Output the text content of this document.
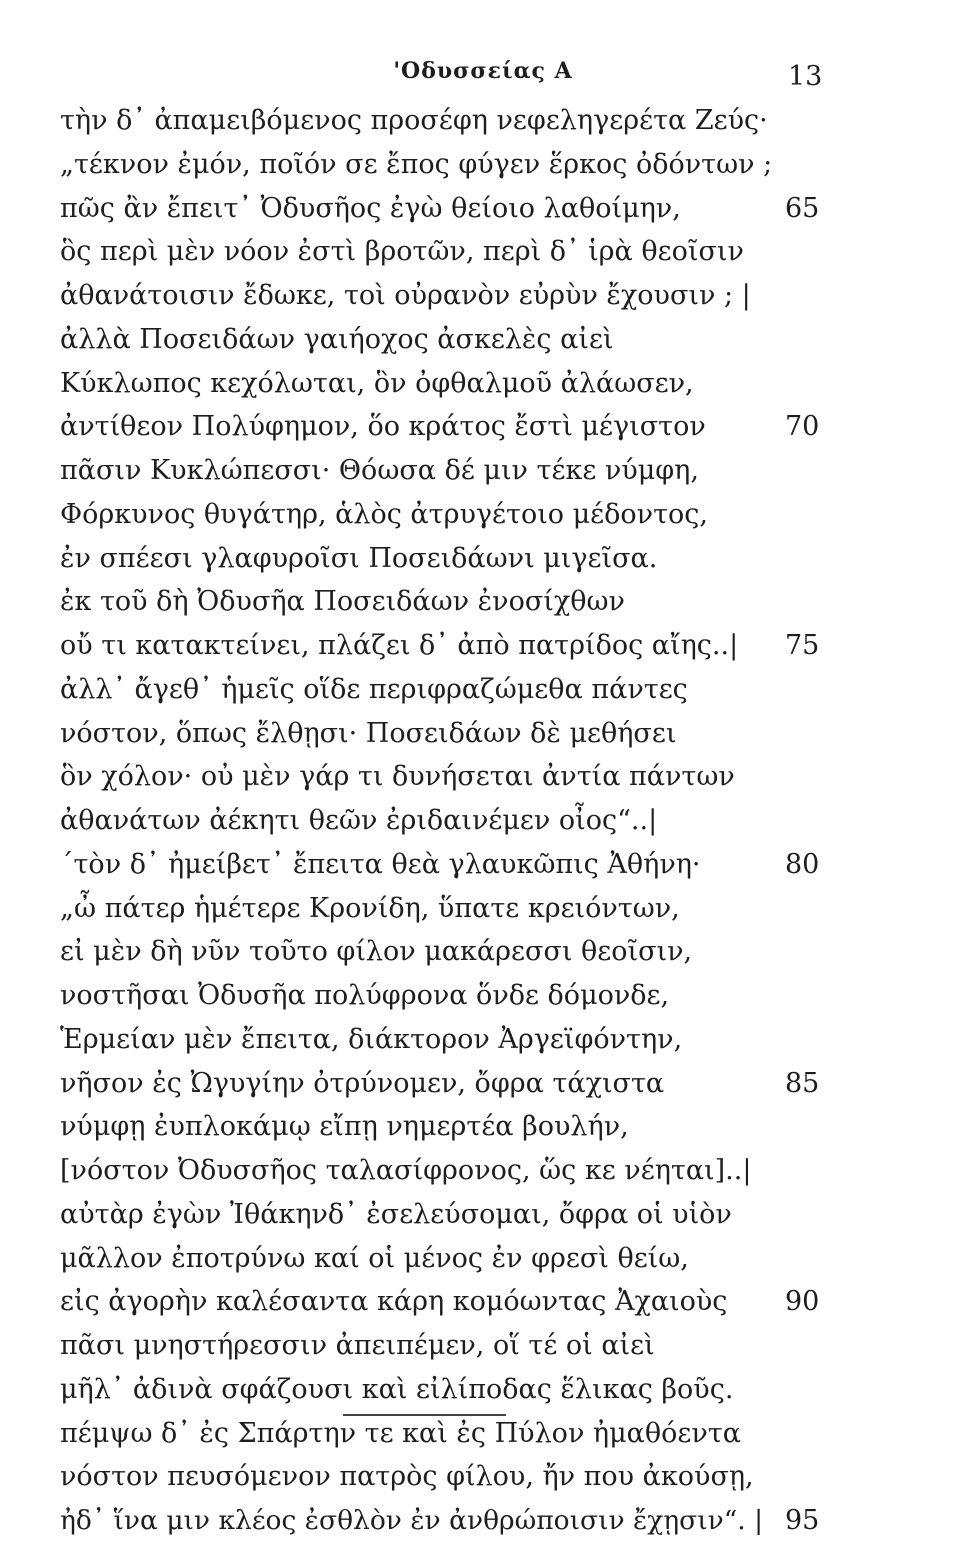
'Οδυσσείας Α	13
τὴν δ᾽ ἀπαμειβόμενος προσέφη νεφεληγερέτα Ζεύς·
„τέκνον ἐμόν, ποῖόν σε ἔπος φύγεν ἕρκος ὀδόντων ;
πῶς ἂν ἔπειτ᾽ Ὀδυσῆος ἐγὼ θείοιο λαθοίμην,	65
ὃς περὶ μὲν νόον ἐστὶ βροτῶν, περὶ δ᾽ ἱρὰ θεοῖσιν
ἀθανάτοισιν ἔδωκε, τοὶ οὐρανὸν εὐρὺν ἔχουσιν ; |
ἀλλὰ Ποσειδάων γαιήοχος ἀσκελὲς αἰεὶ
Κύκλωπος κεχόλωται, ὃν ὀφθαλμοῦ ἀλάωσεν,
ἀντίθεον Πολύφημον, ὅο κράτος ἔστὶ μέγιστον	70
πᾶσιν Κυκλώπεσσι· Θόωσα δέ μιν τέκε νύμφη,
Φόρκυνος θυγάτηρ, ἁλὸς ἀτρυγέτοιο μέδοντος,
ἐν σπέεσι γλαφυροῖσι Ποσειδάωνι μιγεῖσα.
ἐκ τοῦ δὴ Ὀδυσῆα Ποσειδάων ἐνοσίχθων
οὔ τι κατακτείνει, πλάζει δ᾽ ἀπὸ πατρίδος αἴης..| 75
ἀλλ᾽ ἄγεθ᾽ ἡμεῖς οἵδε περιφραζώμεθα πάντες
νόστον, ὅπως ἔλθῃσι· Ποσειδάων δὲ μεθήσει
ὃν χόλον· οὐ μὲν γάρ τι δυνήσεται ἀντία πάντων
ἀθανάτων ἀέκητι θεῶν ἐριδαινέμεν οἶος“..|
΄τὸν δ᾽ ἠμείβετ᾽ ἔπειτα θεὰ γλαυκῶπις Ἀθήνη·	80
„ὦ πάτερ ἡμέτερε Κρονίδη, ὕπατε κρειόντων,
εἰ μὲν δὴ νῦν τοῦτο φίλον μακάρεσσι θεοῖσιν,
νοστῆσαι Ὀδυσῆα πολύφρονα ὅνδε δόμονδε,
Ἑρμείαν μὲν ἔπειτα, διάκτορον Ἀργεϊφόντην,
νῆσον ἐς Ὠγυγίην ὀτρύνομεν, ὄφρα τάχιστα	85
νύμφῃ ἐυπλοκάμῳ εἴπῃ νημερτέα βουλήν,
[νόστον Ὀδυσσῆος ταλασίφρονος, ὥς κε νέηται]..|
αὐτὰρ ἐγὼν Ἰθάκηνδ᾽ ἐσελεύσομαι, ὄφρα οἱ υἱὸν
μᾶλλον ἐποτρύνω καί οἱ μένος ἐν φρεσὶ θείω,
εἰς ἀγορὴν καλέσαντα κάρη κομόωντας Ἀχαιοὺς 90
πᾶσι μνηστήρεσσιν ἀπειπέμεν, οἵ τέ οἱ αἰεὶ
μῆλ᾽ ἀδινὰ σφάζουσι καὶ εἰλίποδας ἕλικας βοῦς.
πέμψω δ᾽ ἐς Σπάρτην τε καὶ ἐς Πύλον ἠμαθόεντα
νόστον πευσόμενον πατρὸς φίλου, ἤν που ἀκούσῃ,
ἠδ᾽ ἵνα μιν κλέος ἐσθλὸν ἐν ἀνθρώποισιν ἔχῃσιν“. | 95
